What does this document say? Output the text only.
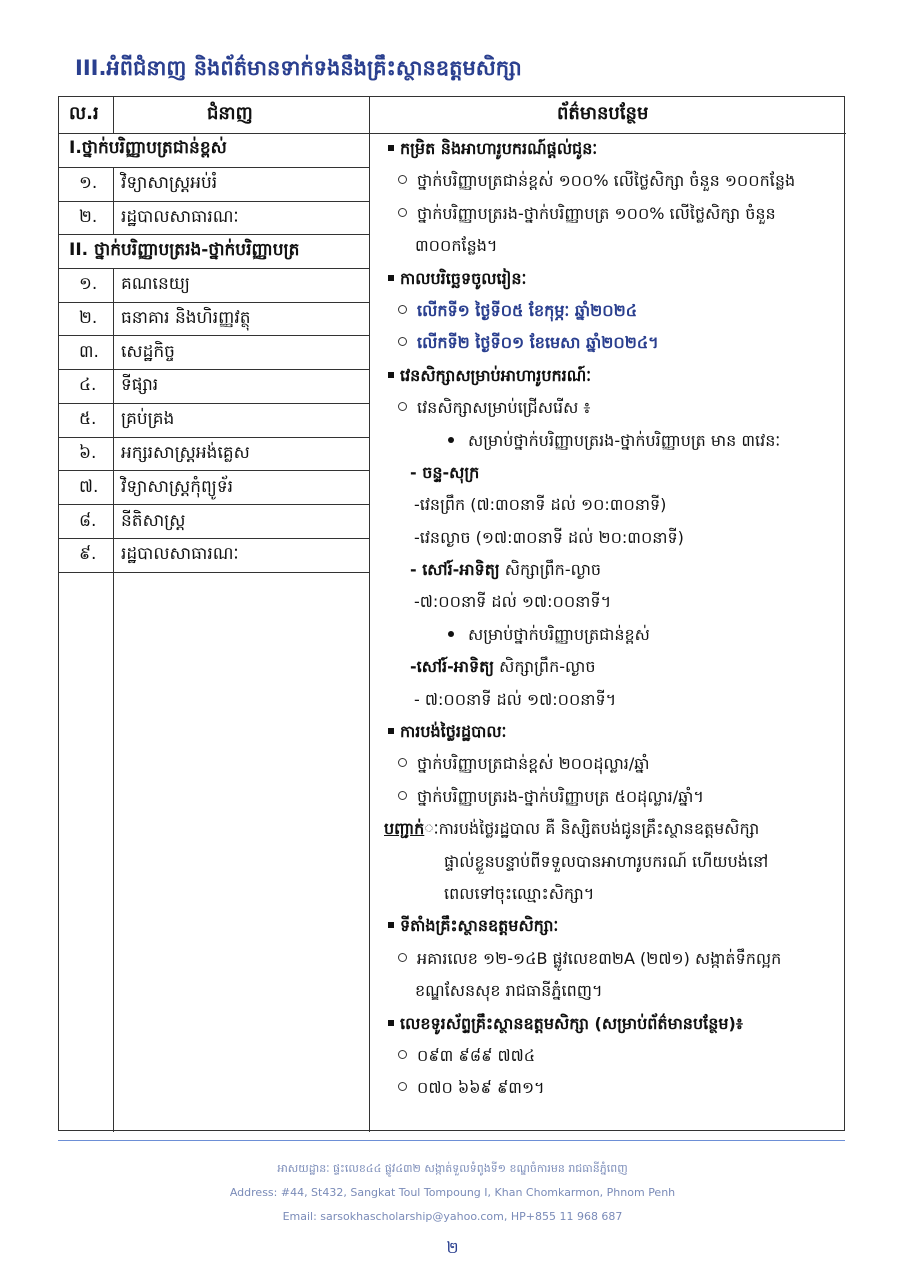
III.អំពីជំនាញ និងព័ត៌មានទាក់ទងនឹងគ្រឹះស្ថានឧត្តមសិក្សា
ល.រ	ជំនាញ	ព័ត៌មានបន្ថែម
I.ថ្នាក់បរិញ្ញាបត្រជាន់ខ្ពស់
១. វិទ្យាសាស្ត្រអប់រំ
២. រដ្ឋបាលសាធារណៈ
II. ថ្នាក់បរិញ្ញាបត្ររង-ថ្នាក់បរិញ្ញាបត្រ
កម្រិត និងអាហារូបករណ៍ផ្តល់ជូនៈ
ថ្នាក់បរិញ្ញាបត្រជាន់ខ្ពស់ ១០០% លើថ្លៃសិក្សា ចំនួន ១០០កន្លែង
ថ្នាក់បរិញ្ញាបត្ររង-ថ្នាក់បរិញ្ញាបត្រ ១០០% លើថ្លៃសិក្សា ចំនួន
៣០០កន្លែង។
កាលបរិច្ឆេទចូលរៀនៈ
លើកទី១ ថ្ងៃទី០៥ ខែកុម្ភៈ ឆ្នាំ២០២៤
លើកទី២ ថ្ងៃទី០១ ខែមេសា ឆ្នាំ២០២៤។
វេនសិក្សាសម្រាប់អាហារូបករណ៍ៈ
វេនសិក្សាសម្រាប់ជ្រើសរើស ៖
សម្រាប់ថ្នាក់បរិញ្ញាបត្ររង-ថ្នាក់បរិញ្ញាបត្រ មាន ៣វេនៈ
- ចន្ទ-សុក្រ
-វេនព្រឹក (៧:៣០នាទី ដល់ ១០:៣០នាទី)
-វេនល្ងាច (១៧:៣០នាទី ដល់ ២០:៣០នាទី)
- សៅរ៍-អាទិត្យ សិក្សាព្រឹក-ល្ងាច
-៧:០០នាទី ដល់ ១៧:០០នាទី។
សម្រាប់ថ្នាក់បរិញ្ញាបត្រជាន់ខ្ពស់
-សៅរ៍-អាទិត្យ សិក្សាព្រឹក-ល្ងាច
- ៧:០០នាទី ដល់ ១៧:០០នាទី។
ការបង់ថ្លៃរដ្ឋបាលៈ
ថ្នាក់បរិញ្ញាបត្រជាន់ខ្ពស់ ២០០ដុល្លារ/ឆ្នាំ
ថ្នាក់បរិញ្ញាបត្ររង-ថ្នាក់បរិញ្ញាបត្រ ៥០ដុល្លារ/ឆ្នាំ។
បញ្ជាក់ៈការបង់ថ្លៃរដ្ឋបាល គឺ និស្សិតបង់ជូនគ្រឹះស្ថានឧត្តមសិក្សា
ផ្ទាល់ខ្លួនបន្ទាប់ពីទទួលបានអាហារូបករណ៍ ហើយបង់នៅ
ពេលទៅចុះឈ្មោះសិក្សា។
ទីតាំងគ្រឹះស្ថានឧត្តមសិក្សាៈ
អគារលេខ ១២-១៤B ផ្លូវលេខ៣២A (២៧១) សង្កាត់ទឹកល្អក
ខណ្ឌសែនសុខ រាជធានីភ្នំពេញ។
លេខទូរស័ព្ទគ្រឹះស្ថានឧត្តមសិក្សា (សម្រាប់ព័ត៌មានបន្ថែម)៖
០៩៣ ៩៨៩ ៧៧៤
០៧០ ៦៦៩ ៩៣១។
១. គណនេយ្យ
២. ធនាគារ និងហិរញ្ញវត្ថុ
៣. សេដ្ឋកិច្ច
៤. ទីផ្សារ
៥. គ្រប់គ្រង
៦. អក្សរសាស្ត្រអង់គ្លេស
៧. វិទ្យាសាស្ត្រកុំព្យូទ័រ
៨. នីតិសាស្ត្រ
៩. រដ្ឋបាលសាធារណៈ
អាសយដ្ឋានៈ ផ្ទះលេខ៤៤ ផ្លូវ៤៣២ សង្កាត់ទួលទំពូងទី១ ខណ្ឌចំការមន រាជធានីភ្នំពេញ
Address: #44, St432, Sangkat Toul Tompoung I, Khan Chomkarmon, Phnom Penh
Email: sarsokhascholarship@yahoo.com, HP+855 11 968 687
២
